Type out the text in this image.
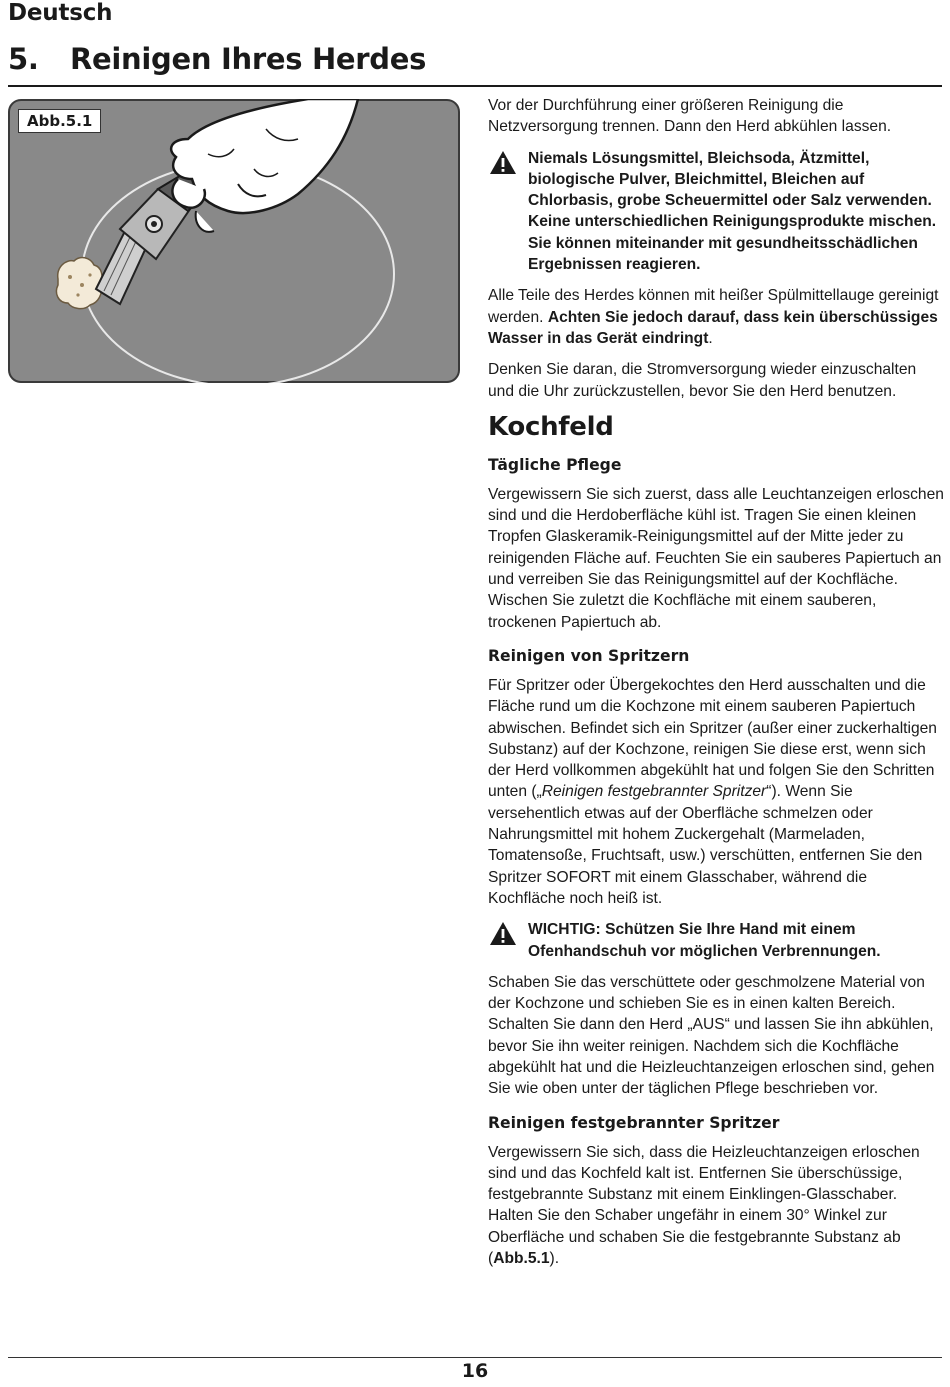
Deutsch
5. Reinigen Ihres Herdes
Abb.5.1

Vor der Durchführung einer größeren Reinigung die Netzversorgung trennen. Dann den Herd abkühlen lassen.

Niemals Lösungsmittel, Bleichsoda, Ätzmittel, biologische Pulver, Bleichmittel, Bleichen auf Chlorbasis, grobe Scheuermittel oder Salz verwenden. Keine unterschiedlichen Reinigungsprodukte mischen. Sie können miteinander mit gesundheitsschädlichen Ergebnissen reagieren.

Alle Teile des Herdes können mit heißer Spülmittellauge gereinigt werden. Achten Sie jedoch darauf, dass kein überschüssiges Wasser in das Gerät eindringt.

Denken Sie daran, die Stromversorgung wieder einzuschalten und die Uhr zurückzustellen, bevor Sie den Herd benutzen.

Kochfeld
Tägliche Pflege

Vergewissern Sie sich zuerst, dass alle Leuchtanzeigen erloschen sind und die Herdoberfläche kühl ist. Tragen Sie einen kleinen Tropfen Glaskeramik-Reinigungsmittel auf der Mitte jeder zu reinigenden Fläche auf. Feuchten Sie ein sauberes Papiertuch an und verreiben Sie das Reinigungsmittel auf der Kochfläche. Wischen Sie zuletzt die Kochfläche mit einem sauberen, trockenen Papiertuch ab.

Reinigen von Spritzern

Für Spritzer oder Übergekochtes den Herd ausschalten und die Fläche rund um die Kochzone mit einem sauberen Papiertuch abwischen. Befindet sich ein Spritzer (außer einer zuckerhaltigen Substanz) auf der Kochzone, reinigen Sie diese erst, wenn sich der Herd vollkommen abgekühlt hat und folgen Sie den Schritten unten („Reinigen festgebrannter Spritzer“). Wenn Sie versehentlich etwas auf der Oberfläche schmelzen oder Nahrungsmittel mit hohem Zuckergehalt (Marmeladen, Tomatensoße, Fruchtsaft, usw.) verschütten, entfernen Sie den Spritzer SOFORT mit einem Glasschaber, während die Kochfläche noch heiß ist.

WICHTIG: Schützen Sie Ihre Hand mit einem Ofenhandschuh vor möglichen Verbrennungen.

Schaben Sie das verschüttete oder geschmolzene Material von der Kochzone und schieben Sie es in einen kalten Bereich. Schalten Sie dann den Herd „AUS“ und lassen Sie ihn abkühlen, bevor Sie ihn weiter reinigen. Nachdem sich die Kochfläche abgekühlt hat und die Heizleuchtanzeigen erloschen sind, gehen Sie wie oben unter der täglichen Pflege beschrieben vor.

Reinigen festgebrannter Spritzer

Vergewissern Sie sich, dass die Heizleuchtanzeigen erloschen sind und das Kochfeld kalt ist. Entfernen Sie überschüssige, festgebrannte Substanz mit einem Einklingen-Glasschaber. Halten Sie den Schaber ungefähr in einem 30° Winkel zur Oberfläche und schaben Sie die festgebrannte Substanz ab (Abb.5.1).

16
